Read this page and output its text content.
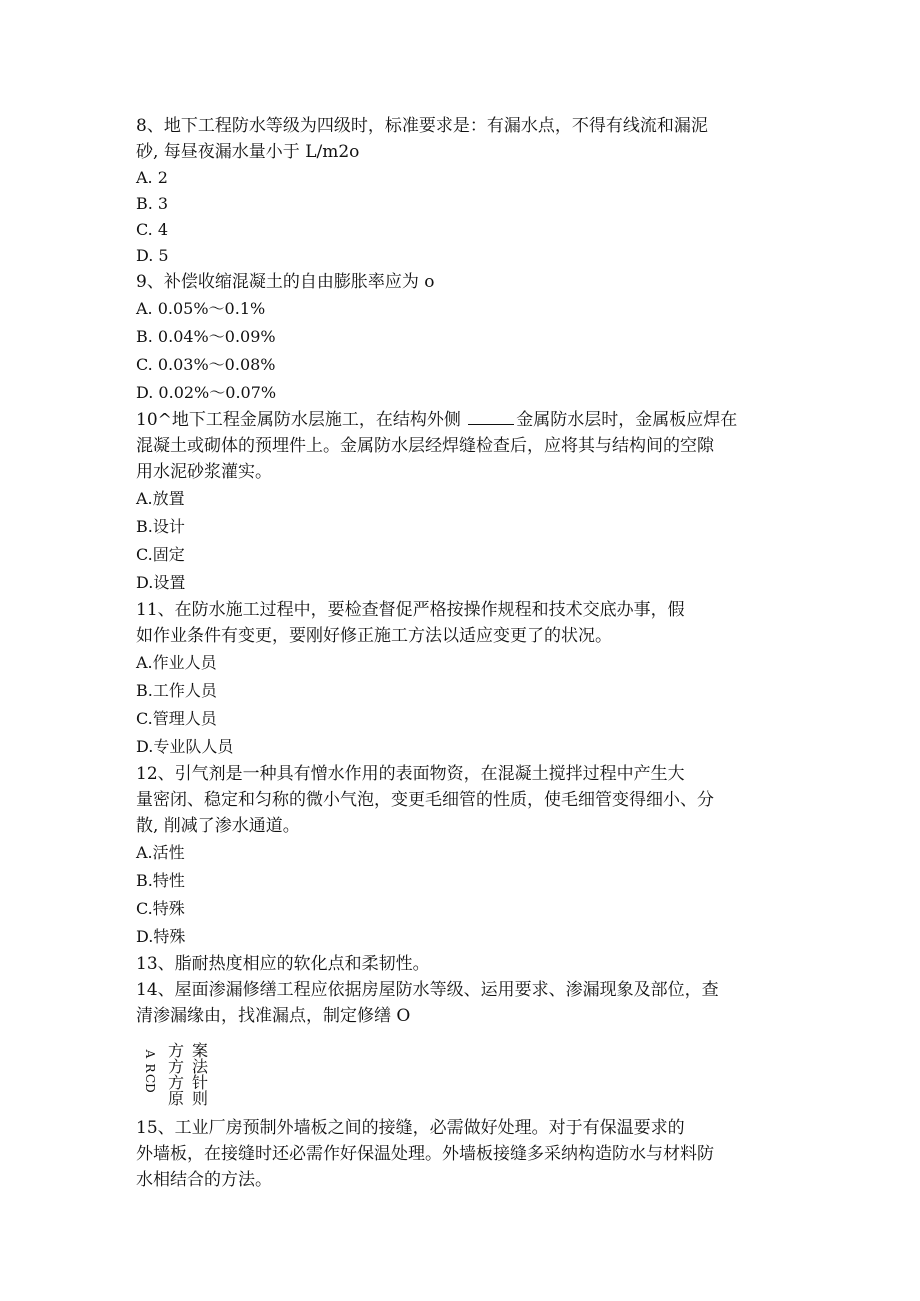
8、地下工程防水等级为四级时，标准要求是：有漏水点，不得有线流和漏泥
砂, 每昼夜漏水量小于 L/m2o
A. 2
B. 3
C. 4
D. 5
9、补偿收缩混凝土的自由膨胀率应为 o
A. 0.05%～0.1%
B. 0.04%～0.09%
C. 0.03%～0.08%
D. 0.02%～0.07%
10^地下工程金属防水层施工，在结构外侧	金属防水层时，金属板应焊在
混凝土或砌体的预埋件上。金属防水层经焊缝检查后，应将其与结构间的空隙
用水泥砂浆灌实。
A.放置
B.设计
C.固定
D.设置
11、在防水施工过程中，要检查督促严格按操作规程和技术交底办事，假
如作业条件有变更，要刚好修正施工方法以适应变更了的状况。
A.作业人员
B.工作人员
C.管理人员
D.专业队人员
12、引气剂是一种具有憎水作用的表面物资，在混凝土搅拌过程中产生大
量密闭、稳定和匀称的微小气泡，变更毛细管的性质，使毛细管变得细小、分
散, 削减了渗水通道。
A.活性
B.特性
C.特殊
D.特殊
13、脂耐热度相应的软化点和柔韧性。
14、屋面渗漏修缮工程应依据房屋防水等级、运用要求、渗漏现象及部位，查
清渗漏缘由，找准漏点，制定修缮 O
A
R
CD
方案
方法
方针
原则
15、工业厂房预制外墙板之间的接缝，必需做好处理。对于有保温要求的
外墙板，在接缝时还必需作好保温处理。外墙板接缝多采纳构造防水与材料防
水相结合的方法。
